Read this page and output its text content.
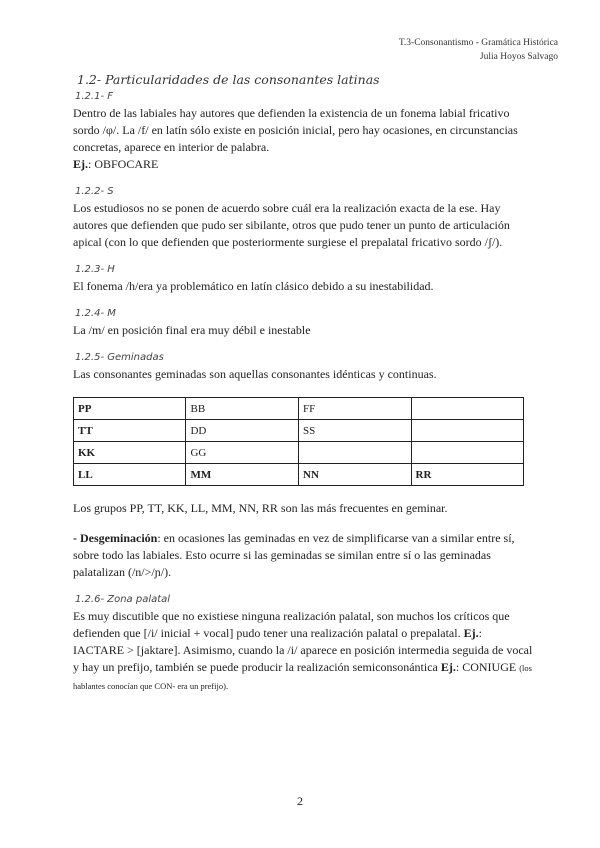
T.3-Consonantismo - Gramática Histórica
Julia Hoyos Salvago
1.2- Particularidades de las consonantes latinas
1.2.1- F

Dentro de las labiales hay autores que defienden la existencia de un fonema labial fricativo sordo /φ/. La /f/ en latín sólo existe en posición inicial, pero hay ocasiones, en circunstancias concretas, aparece en interior de palabra.

Ej.: OBFOCARE

1.2.2- S

Los estudiosos no se ponen de acuerdo sobre cuál era la realización exacta de la ese. Hay autores que defienden que pudo ser sibilante, otros que pudo tener un punto de articulación apical (con lo que defienden que posteriormente surgiese el prepalatal fricativo sordo /ʃ/).

1.2.3- H

El fonema /h/era ya problemático en latín clásico debido a su inestabilidad.

1.2.4- M

La /m/ en posición final era muy débil e inestable

1.2.5- Geminadas

Las consonantes geminadas son aquellas consonantes idénticas y continuas.

PP	BB	FF	
TT	DD	SS	
KK	GG		
LL	MM	NN	RR

Los grupos PP, TT, KK, LL, MM, NN, RR son las más frecuentes en geminar.

- Desgeminación: en ocasiones las geminadas en vez de simplificarse van a similar entre sí, sobre todo las labiales. Esto ocurre si las geminadas se similan entre sí o las geminadas palatalizan (/n/>/ɲ/).

1.2.6- Zona palatal

Es muy discutible que no existiese ninguna realización palatal, son muchos los críticos que defienden que [/i/ inicial + vocal] pudo tener una realización palatal o prepalatal. Ej.: IACTARE > [jaktare]. Asimismo, cuando la /i/ aparece en posición intermedia seguida de vocal y hay un prefijo, también se puede producir la realización semiconsonántica Ej.: CONIUGE (los hablantes conocían que CON- era un prefijo).

2
